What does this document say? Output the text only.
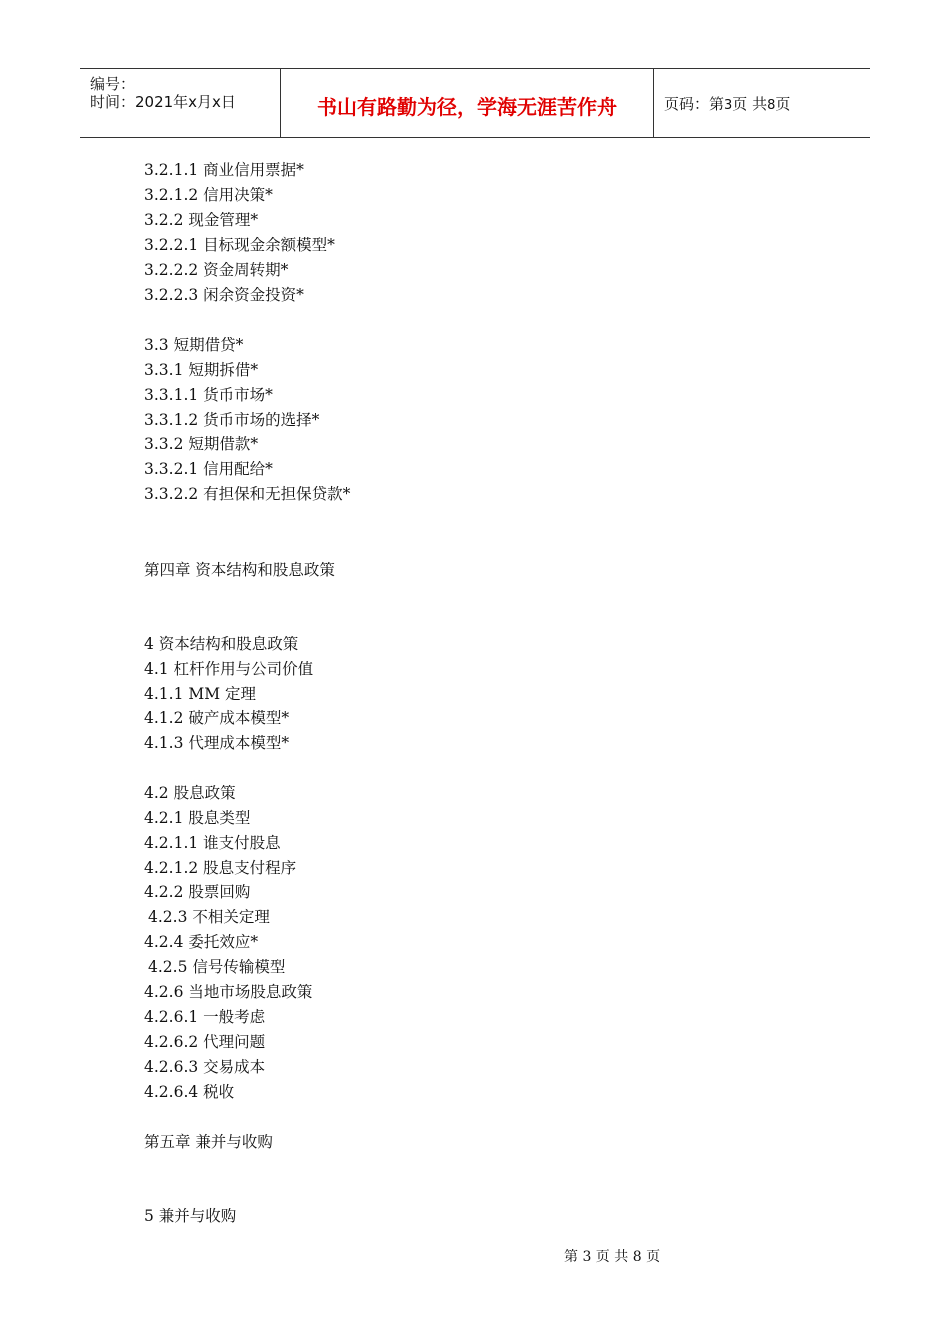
编号：
时间：2021年x月x日	书山有路勤为径，学海无涯苦作舟	页码：第3页 共8页
3.2.1.1 商业信用票据*
3.2.1.2 信用决策*
3.2.2 现金管理*
3.2.2.1 目标现金余额模型*
3.2.2.2 资金周转期*
3.2.2.3 闲余资金投资*
3.3 短期借贷*
3.3.1 短期拆借*
3.3.1.1 货币市场*
3.3.1.2 货币市场的选择*
3.3.2 短期借款*
3.3.2.1 信用配给*
3.3.2.2 有担保和无担保贷款*
第四章 资本结构和股息政策
4 资本结构和股息政策
4.1 杠杆作用与公司价值
4.1.1 MM 定理
4.1.2 破产成本模型*
4.1.3 代理成本模型*
4.2 股息政策
4.2.1 股息类型
4.2.1.1 谁支付股息
4.2.1.2 股息支付程序
4.2.2 股票回购
4.2.3 不相关定理
4.2.4 委托效应*
4.2.5 信号传输模型
4.2.6 当地市场股息政策
4.2.6.1 一般考虑
4.2.6.2 代理问题
4.2.6.3 交易成本
4.2.6.4 税收
第五章 兼并与收购
5 兼并与收购
第 3 页 共 8 页
